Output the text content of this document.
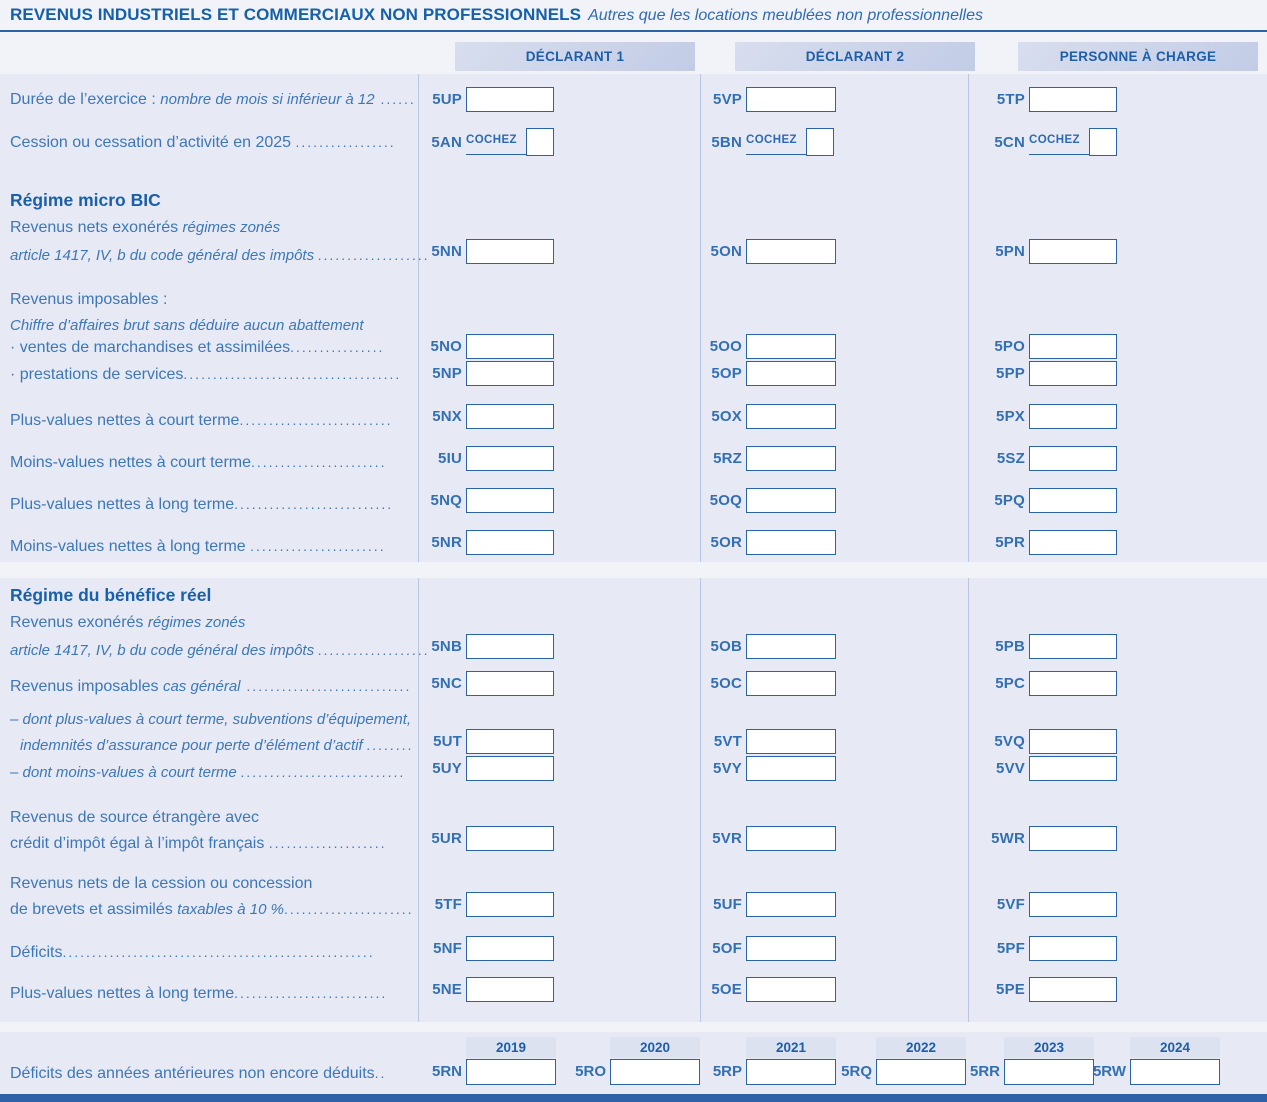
REVENUS INDUSTRIELS ET COMMERCIAUX NON PROFESSIONNELS Autres que les locations meublées non professionnelles
DÉCLARANT 1	DÉCLARANT 2	PERSONNE À CHARGE
Durée de l’exercice : nombre de mois si inférieur à 12 ......	5UP	5VP	5TP
Cession ou cessation d’activité en 2025 .................	5AN COCHEZ	5BN COCHEZ	5CN COCHEZ
Régime micro BIC
Revenus nets exonérés régimes zonés
article 1417, IV, b du code général des impôts ................... 5NN	5ON	5PN
Revenus imposables :
Chiffre d’affaires brut sans déduire aucun abattement
· ventes de marchandises et assimilées................	5NO	5OO	5PO
· prestations de services.....................................	5NP	5OP	5PP
Plus-values nettes à court terme..........................	5NX	5OX	5PX
Moins-values nettes à court terme.......................	5IU	5RZ	5SZ
Plus-values nettes à long terme...........................	5NQ	5OQ	5PQ
Moins-values nettes à long terme .......................	5NR	5OR	5PR
Régime du bénéfice réel
Revenus exonérés régimes zonés
article 1417, IV, b du code général des impôts ................... 5NB	5OB	5PB
Revenus imposables cas général ............................	5NC	5OC	5PC
– dont plus-values à court terme, subventions d’équipement,
indemnités d’assurance pour perte d’élément d’actif ........	5UT	5VT	5VQ
– dont moins-values à court terme ............................	5UY	5VY	5VV
Revenus de source étrangère avec
crédit d’impôt égal à l’impôt français ....................	5UR	5VR	5WR
Revenus nets de la cession ou concession
de brevets et assimilés taxables à 10 %......................	5TF	5UF	5VF
Déficits.....................................................	5NF	5OF	5PF
Plus-values nettes à long terme..........................	5NE	5OE	5PE
2019	2020	2021	2022	2023	2024
Déficits des années antérieures non encore déduits..	5RN	5RO	5RP	5RQ	5RR	5RW
